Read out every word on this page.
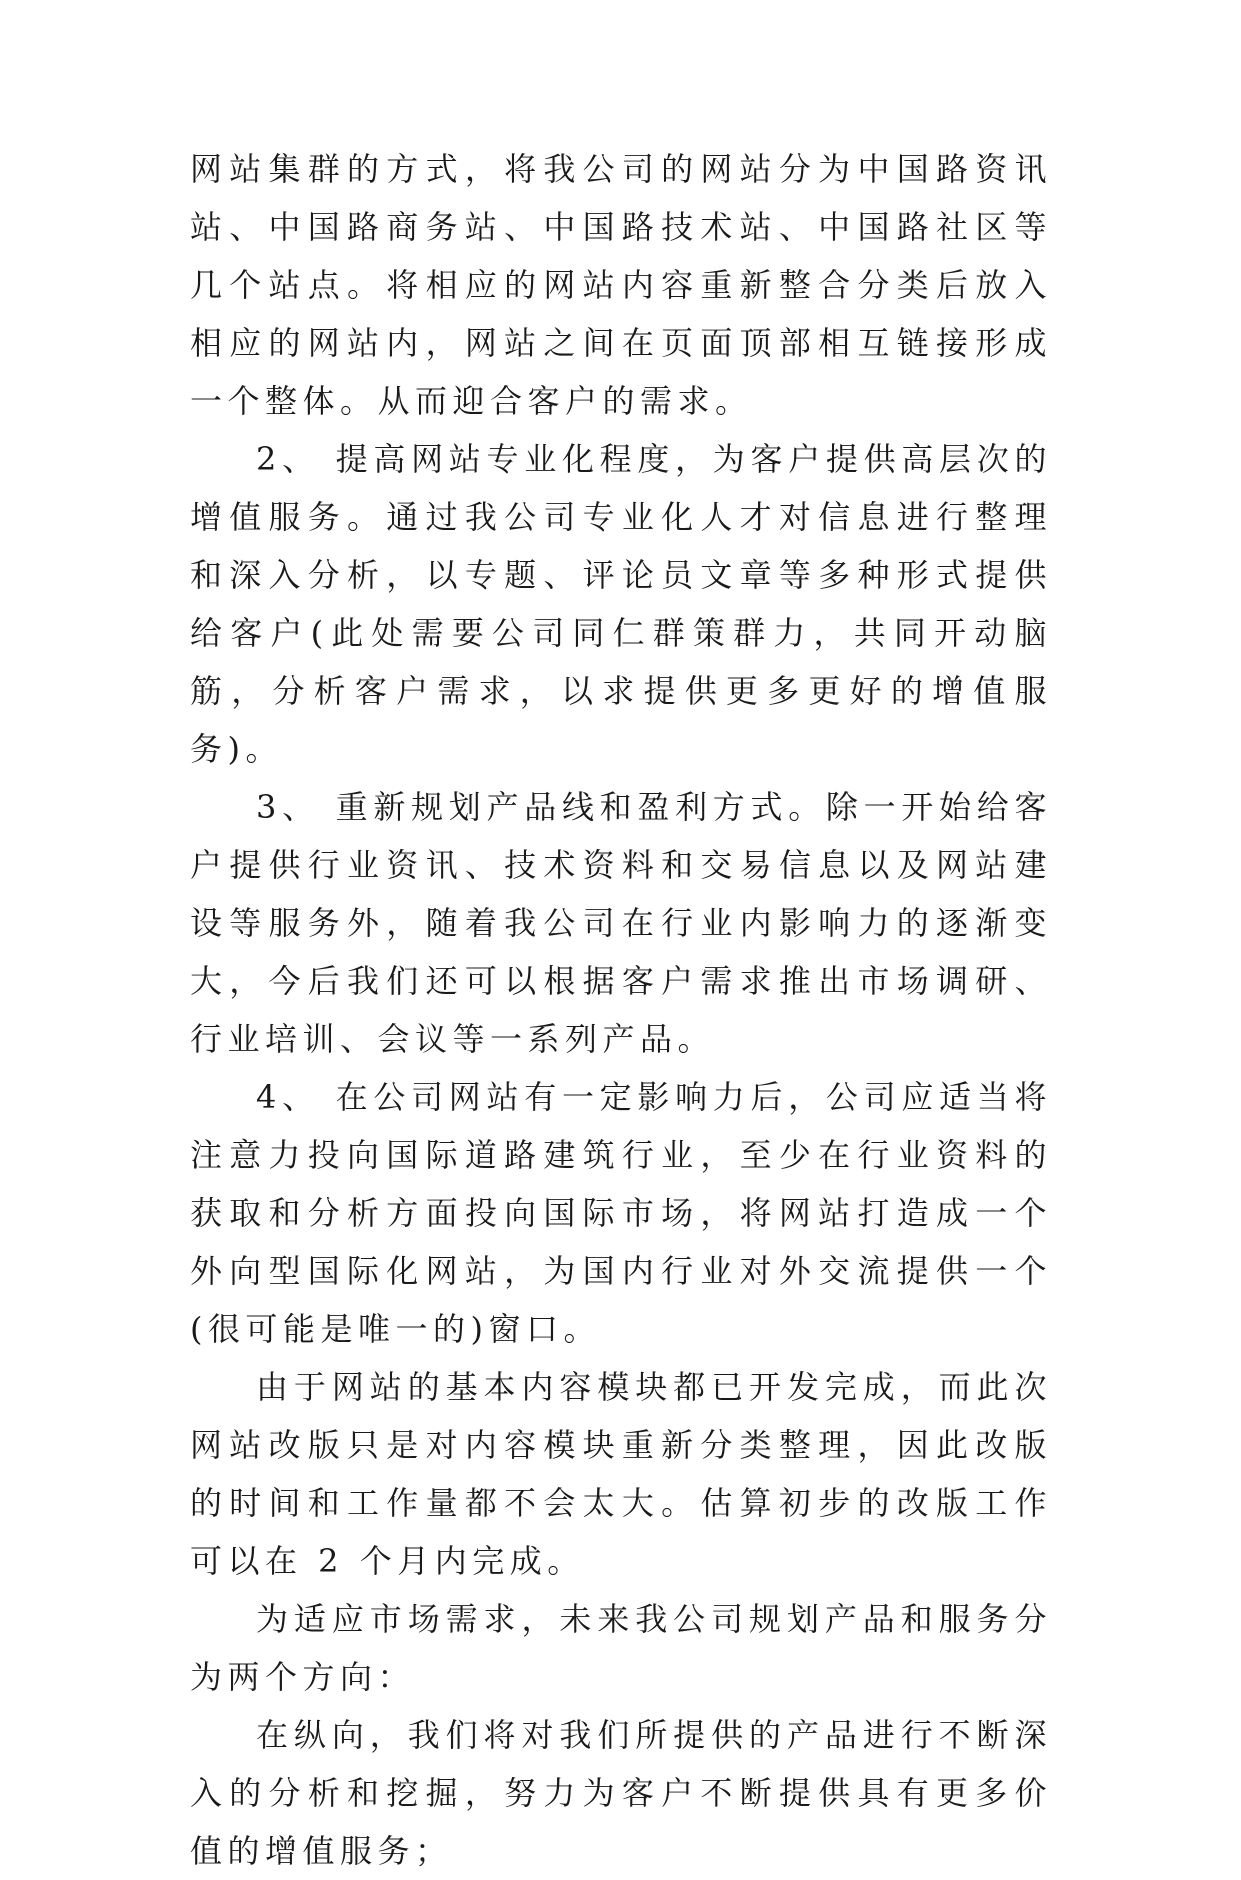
网站集群的方式，将我公司的网站分为中国路资讯站、中国路商务站、中国路技术站、中国路社区等几个站点。将相应的网站内容重新整合分类后放入相应的网站内，网站之间在页面顶部相互链接形成一个整体。从而迎合客户的需求。

2、 提高网站专业化程度，为客户提供高层次的增值服务。通过我公司专业化人才对信息进行整理和深入分析，以专题、评论员文章等多种形式提供给客户(此处需要公司同仁群策群力，共同开动脑筋，分析客户需求，以求提供更多更好的增值服务)。

3、 重新规划产品线和盈利方式。除一开始给客户提供行业资讯、技术资料和交易信息以及网站建设等服务外，随着我公司在行业内影响力的逐渐变大，今后我们还可以根据客户需求推出市场调研、行业培训、会议等一系列产品。

4、 在公司网站有一定影响力后，公司应适当将注意力投向国际道路建筑行业，至少在行业资料的获取和分析方面投向国际市场，将网站打造成一个外向型国际化网站，为国内行业对外交流提供一个(很可能是唯一的)窗口。

由于网站的基本内容模块都已开发完成，而此次网站改版只是对内容模块重新分类整理，因此改版的时间和工作量都不会太大。估算初步的改版工作可以在 2 个月内完成。

为适应市场需求，未来我公司规划产品和服务分为两个方向：

在纵向，我们将对我们所提供的产品进行不断深入的分析和挖掘，努力为客户不断提供具有更多价值的增值服务；
